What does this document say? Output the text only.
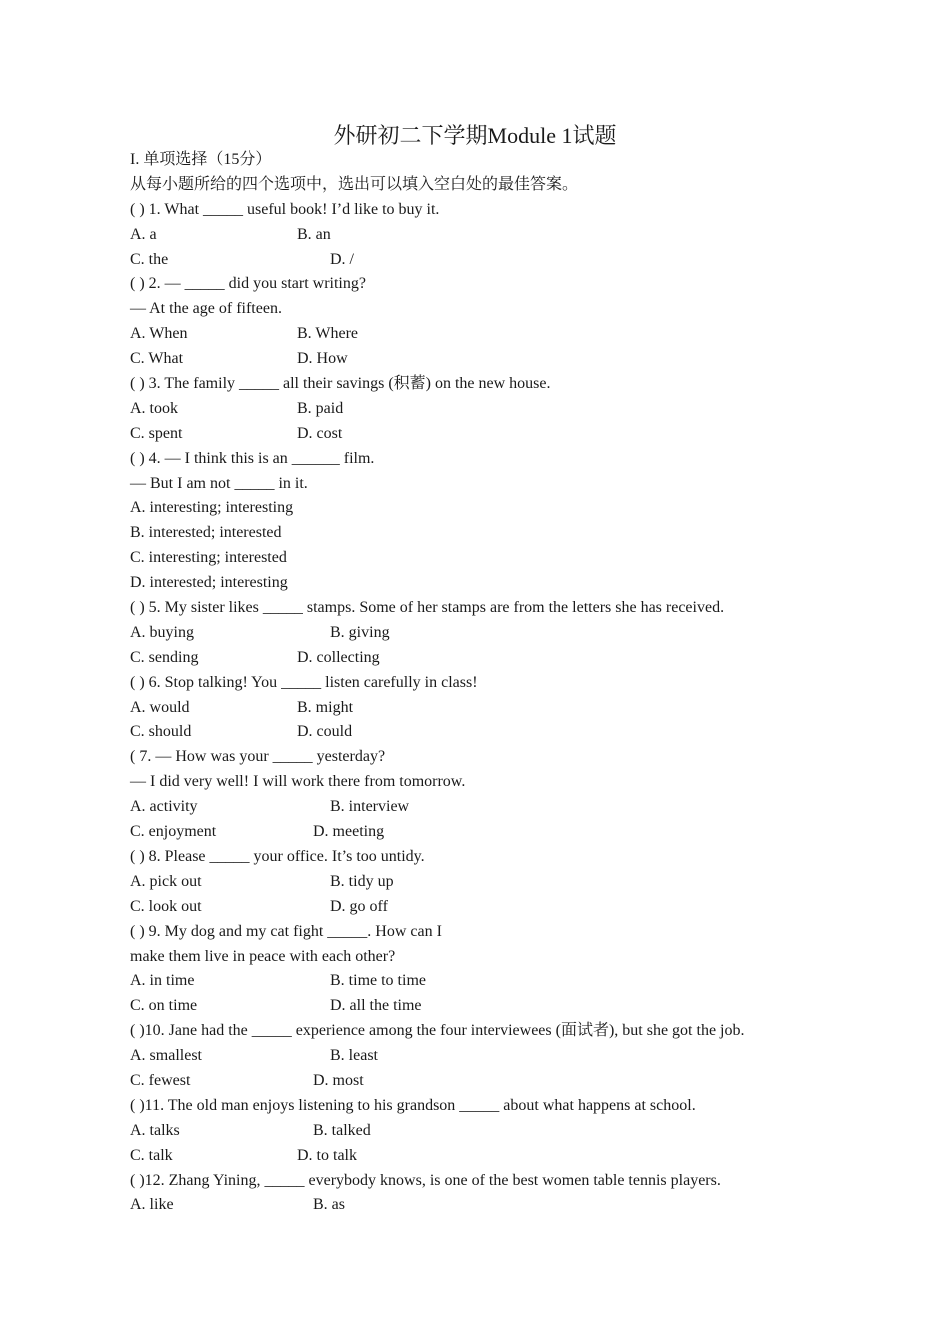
外研初二下学期Module 1试题
I. 单项选择（15分）
从每小题所给的四个选项中，选出可以填入空白处的最佳答案。
( ) 1. What _____ useful book! I’d like to buy it.
A. a	B. an
C. the	D. /
( ) 2. — _____ did you start writing?
— At the age of fifteen.
A. When	B. Where
C. What	D. How
( ) 3. The family _____ all their savings (积蓄) on the new house.
A. took	B. paid
C. spent	D. cost
( ) 4. — I think this is an ______ film.
— But I am not _____ in it.
A. interesting; interesting
B. interested; interested
C. interesting; interested
D. interested; interesting
( ) 5. My sister likes _____ stamps. Some of her stamps are from the letters she has received.
A. buying	B. giving
C. sending	D. collecting
( ) 6. Stop talking! You _____ listen carefully in class!
A. would	B. might
C. should	D. could
( 7. — How was your _____ yesterday?
— I did very well! I will work there from tomorrow.
A. activity	B. interview
C. enjoyment	D. meeting
( ) 8. Please _____ your office. It’s too untidy.
A. pick out	B. tidy up
C. look out	D. go off
( ) 9. My dog and my cat fight _____. How can I
make them live in peace with each other?
A. in time	B. time to time
C. on time	D. all the time
( )10. Jane had the _____ experience among the four interviewees (面试者), but she got the job.
A. smallest	B. least
C. fewest	D. most
( )11. The old man enjoys listening to his grandson _____ about what happens at school.
A. talks	B. talked
C. talk	D. to talk
( )12. Zhang Yining, _____ everybody knows, is one of the best women table tennis players.
A. like	B. as
